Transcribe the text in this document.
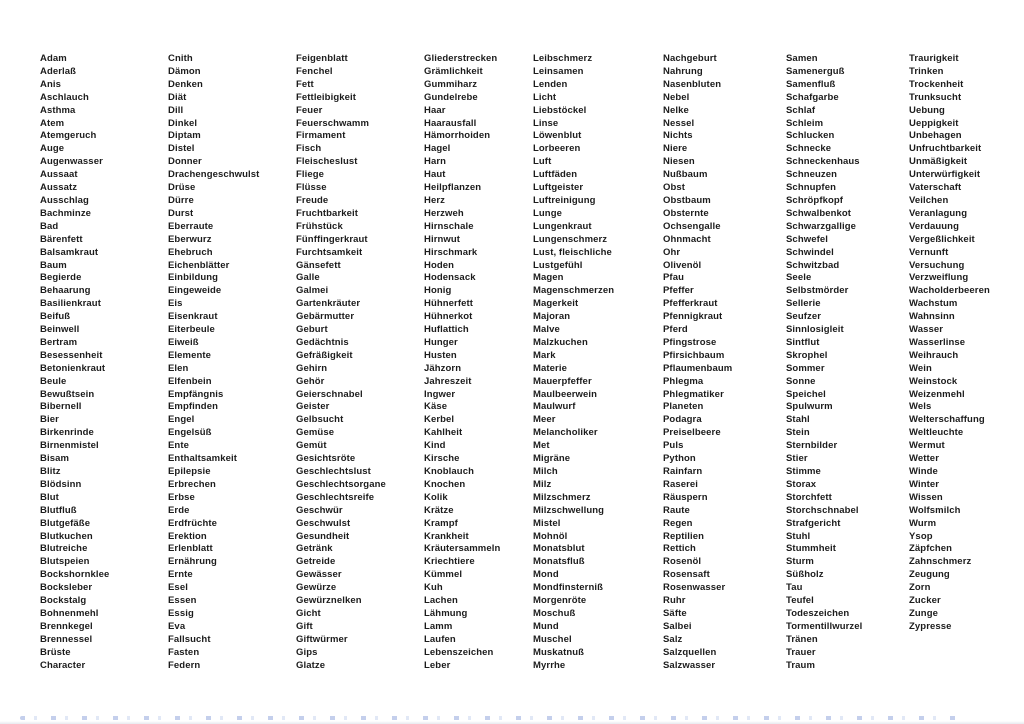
Adam
Aderlaß
Anis
Aschlauch
Asthma
Atem
Atemgeruch
Auge
Augenwasser
Aussaat
Aussatz
Ausschlag
Bachminze
Bad
Bärenfett
Balsamkraut
Baum
Begierde
Behaarung
Basilienkraut
Beifuß
Beinwell
Bertram
Besessenheit
Betonienkraut
Beule
Bewußtsein
Bibernell
Bier
Birkenrinde
Birnenmistel
Bisam
Blitz
Blödsinn
Blut
Blutfluß
Blutgefäße
Blutkuchen
Blutreiche
Blutspeien
Bockshornklee
Bocksleber
Bockstalg
Bohnenmehl
Brennkegel
Brennessel
Brüste
Character
Cnith
Dämon
Denken
Diät
Dill
Dinkel
Diptam
Distel
Donner
Drachengeschwulst
Drüse
Dürre
Durst
Eberraute
Eberwurz
Ehebruch
Eichenblätter
Einbildung
Eingeweide
Eis
Eisenkraut
Eiterbeule
Eiweiß
Elemente
Elen
Elfenbein
Empfängnis
Empfinden
Engel
Engelsüß
Ente
Enthaltsamkeit
Epilepsie
Erbrechen
Erbse
Erde
Erdfrüchte
Erektion
Erlenblatt
Ernährung
Ernte
Esel
Essen
Essig
Eva
Fallsucht
Fasten
Federn
Feigenblatt
Fenchel
Fett
Fettleibigkeit
Feuer
Feuerschwamm
Firmament
Fisch
Fleischeslust
Fliege
Flüsse
Freude
Fruchtbarkeit
Frühstück
Fünffingerkraut
Furchtsamkeit
Gänsefett
Galle
Galmei
Gartenkräuter
Gebärmutter
Geburt
Gedächtnis
Gefräßigkeit
Gehirn
Gehör
Geierschnabel
Geister
Gelbsucht
Gemüse
Gemüt
Gesichtsröte
Geschlechtslust
Geschlechtsorgane
Geschlechtsreife
Geschwür
Geschwulst
Gesundheit
Getränk
Getreide
Gewässer
Gewürze
Gewürznelken
Gicht
Gift
Giftwürmer
Gips
Glatze
Gliederstrecken
Grämlichkeit
Gummiharz
Gundelrebe
Haar
Haarausfall
Hämorrhoiden
Hagel
Harn
Haut
Heilpflanzen
Herz
Herzweh
Hirnschale
Hirnwut
Hirschmark
Hoden
Hodensack
Honig
Hühnerfett
Hühnerkot
Huflattich
Hunger
Husten
Jähzorn
Jahreszeit
Ingwer
Käse
Kerbel
Kahlheit
Kind
Kirsche
Knoblauch
Knochen
Kolik
Krätze
Krampf
Krankheit
Kräutersammeln
Kriechtiere
Kümmel
Kuh
Lachen
Lähmung
Lamm
Laufen
Lebenszeichen
Leber
Leibschmerz
Leinsamen
Lenden
Licht
Liebstöckel
Linse
Löwenblut
Lorbeeren
Luft
Luftfäden
Luftgeister
Luftreinigung
Lunge
Lungenkraut
Lungenschmerz
Lust, fleischliche
Lustgefühl
Magen
Magenschmerzen
Magerkeit
Majoran
Malve
Malzkuchen
Mark
Materie
Mauerpfeffer
Maulbeerwein
Maulwurf
Meer
Melancholiker
Met
Migräne
Milch
Milz
Milzschmerz
Milzschwellung
Mistel
Mohnöl
Monatsblut
Monatsfluß
Mond
Mondfinsterniß
Morgenröte
Moschuß
Mund
Muschel
Muskatnuß
Myrrhe
Nachgeburt
Nahrung
Nasenbluten
Nebel
Nelke
Nessel
Nichts
Niere
Niesen
Nußbaum
Obst
Obstbaum
Obsternte
Ochsengalle
Ohnmacht
Ohr
Olivenöl
Pfau
Pfeffer
Pfefferkraut
Pfennigkraut
Pferd
Pfingstrose
Pfirsichbaum
Pflaumenbaum
Phlegma
Phlegmatiker
Planeten
Podagra
Preiselbeere
Puls
Python
Rainfarn
Raserei
Räuspern
Raute
Regen
Reptilien
Rettich
Rosenöl
Rosensaft
Rosenwasser
Ruhr
Säfte
Salbei
Salz
Salzquellen
Salzwasser
Samen
Samenerguß
Samenfluß
Schafgarbe
Schlaf
Schleim
Schlucken
Schnecke
Schneckenhaus
Schneuzen
Schnupfen
Schröpfkopf
Schwalbenkot
Schwarzgallige
Schwefel
Schwindel
Schwitzbad
Seele
Selbstmörder
Sellerie
Seufzer
Sinnlosigleit
Sintflut
Skrophel
Sommer
Sonne
Speichel
Spulwurm
Stahl
Stein
Sternbilder
Stier
Stimme
Storax
Storchfett
Storchschnabel
Strafgericht
Stuhl
Stummheit
Sturm
Süßholz
Tau
Teufel
Todeszeichen
Tormentillwurzel
Tränen
Trauer
Traum
Traurigkeit
Trinken
Trockenheit
Trunksucht
Uebung
Ueppigkeit
Unbehagen
Unfruchtbarkeit
Unmäßigkeit
Unterwürfigkeit
Vaterschaft
Veilchen
Veranlagung
Verdauung
Vergeßlichkeit
Vernunft
Versuchung
Verzweiflung
Wacholderbeeren
Wachstum
Wahnsinn
Wasser
Wasserlinse
Weihrauch
Wein
Weinstock
Weizenmehl
Wels
Welterschaffung
Weltleuchte
Wermut
Wetter
Winde
Winter
Wissen
Wolfsmilch
Wurm
Ysop
Zäpfchen
Zahnschmerz
Zeugung
Zorn
Zucker
Zunge
Zypresse
